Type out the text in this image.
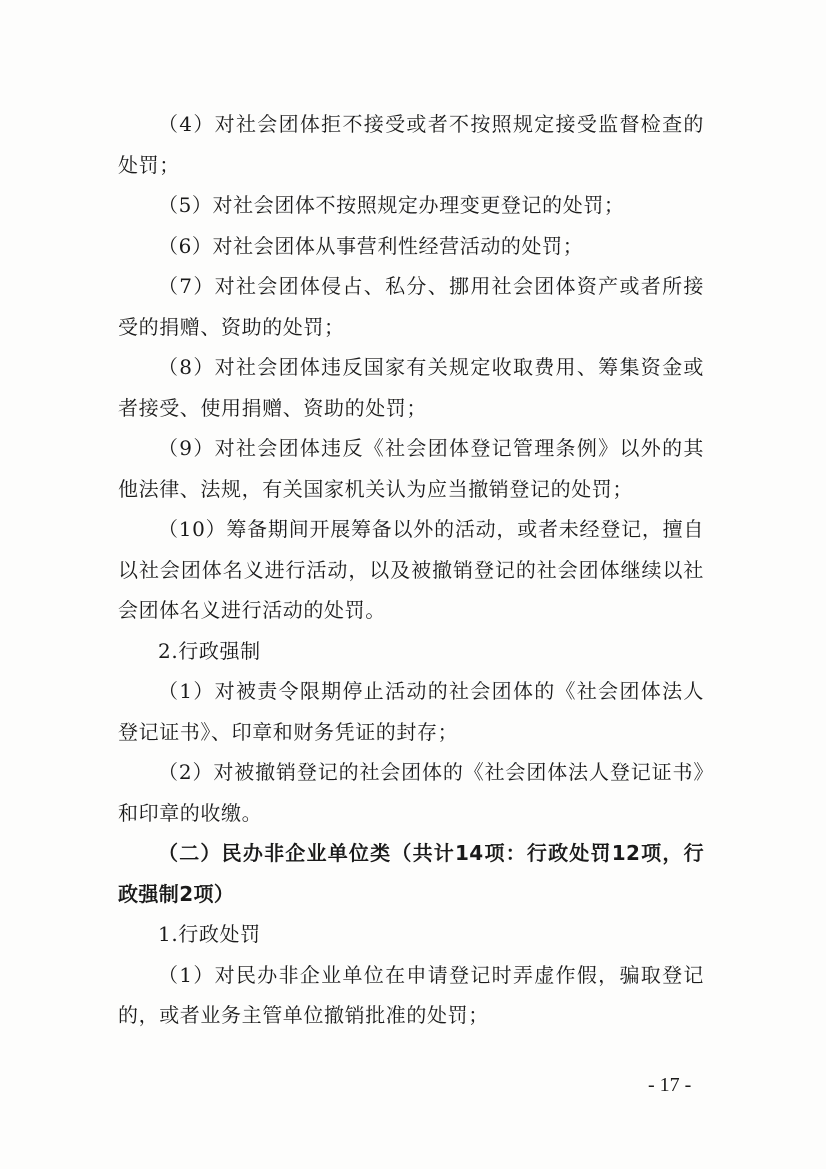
（4）对社会团体拒不接受或者不按照规定接受监督检查的处罚；

（5）对社会团体不按照规定办理变更登记的处罚；

（6）对社会团体从事营利性经营活动的处罚；

（7）对社会团体侵占、私分、挪用社会团体资产或者所接受的捐赠、资助的处罚；

（8）对社会团体违反国家有关规定收取费用、筹集资金或者接受、使用捐赠、资助的处罚；

（9）对社会团体违反《社会团体登记管理条例》以外的其他法律、法规，有关国家机关认为应当撤销登记的处罚；

（10）筹备期间开展筹备以外的活动，或者未经登记，擅自以社会团体名义进行活动，以及被撤销登记的社会团体继续以社会团体名义进行活动的处罚。

2.行政强制

（1）对被责令限期停止活动的社会团体的《社会团体法人登记证书》、印章和财务凭证的封存；

（2）对被撤销登记的社会团体的《社会团体法人登记证书》和印章的收缴。

（二）民办非企业单位类（共计14项：行政处罚12项，行政强制2项）

1.行政处罚

（1）对民办非企业单位在申请登记时弄虚作假，骗取登记的，或者业务主管单位撤销批准的处罚；

- 17 -
